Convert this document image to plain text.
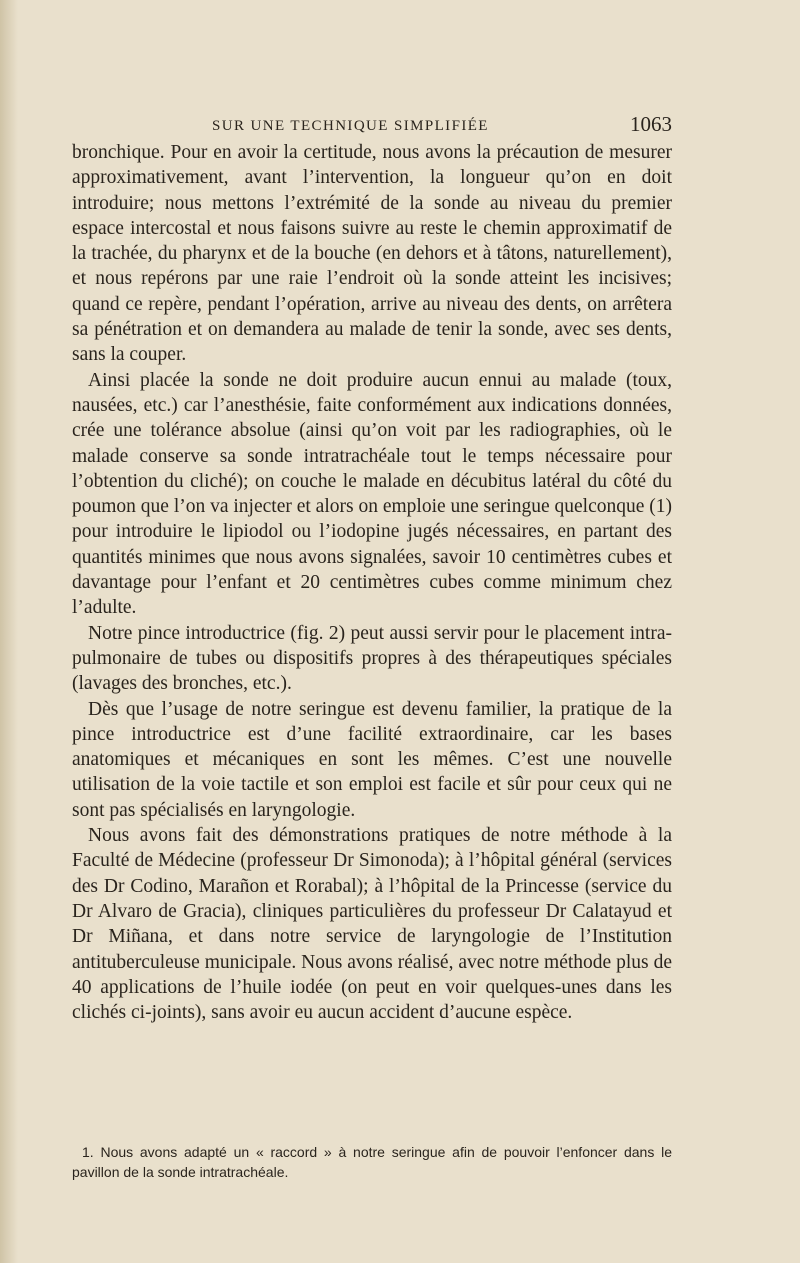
SUR UNE TECHNIQUE SIMPLIFIÉE	1063

bronchique. Pour en avoir la certitude, nous avons la précaution de mesurer approximativement, avant l’intervention, la longueur qu’on en doit introduire; nous mettons l’extrémité de la sonde au niveau du premier espace intercostal et nous faisons suivre au reste le chemin approximatif de la trachée, du pharynx et de la bouche (en dehors et à tâtons, naturellement), et nous repérons par une raie l’endroit où la sonde atteint les incisives; quand ce repère, pendant l’opération, arrive au niveau des dents, on arrêtera sa pénétration et on demandera au malade de tenir la sonde, avec ses dents, sans la couper.

Ainsi placée la sonde ne doit produire aucun ennui au malade (toux, nausées, etc.) car l’anesthésie, faite conformément aux indications données, crée une tolérance absolue (ainsi qu’on voit par les radiographies, où le malade conserve sa sonde intratrachéale tout le temps nécessaire pour l’obtention du cliché); on couche le malade en décubitus latéral du côté du poumon que l’on va injecter et alors on emploie une seringue quelconque (1) pour introduire le lipiodol ou l’iodopine jugés nécessaires, en partant des quantités minimes que nous avons signalées, savoir 10 centimètres cubes et davantage pour l’enfant et 20 centimètres cubes comme minimum chez l’adulte.

Notre pince introductrice (fig. 2) peut aussi servir pour le placement intra-pulmonaire de tubes ou dispositifs propres à des thérapeutiques spéciales (lavages des bronches, etc.).

Dès que l’usage de notre seringue est devenu familier, la pratique de la pince introductrice est d’une facilité extraordinaire, car les bases anatomiques et mécaniques en sont les mêmes. C’est une nouvelle utilisation de la voie tactile et son emploi est facile et sûr pour ceux qui ne sont pas spécialisés en laryngologie.

Nous avons fait des démonstrations pratiques de notre méthode à la Faculté de Médecine (professeur Dr Simonoda); à l’hôpital général (services des Dr Codino, Marañon et Rorabal); à l’hôpital de la Princesse (service du Dr Alvaro de Gracia), cliniques particulières du professeur Dr Calatayud et Dr Miñana, et dans notre service de laryngologie de l’Institution antituberculeuse municipale. Nous avons réalisé, avec notre méthode plus de 40 applications de l’huile iodée (on peut en voir quelques-unes dans les clichés ci-joints), sans avoir eu aucun accident d’aucune espèce.

1. Nous avons adapté un « raccord » à notre seringue afin de pouvoir l’enfoncer dans le pavillon de la sonde intratrachéale.
